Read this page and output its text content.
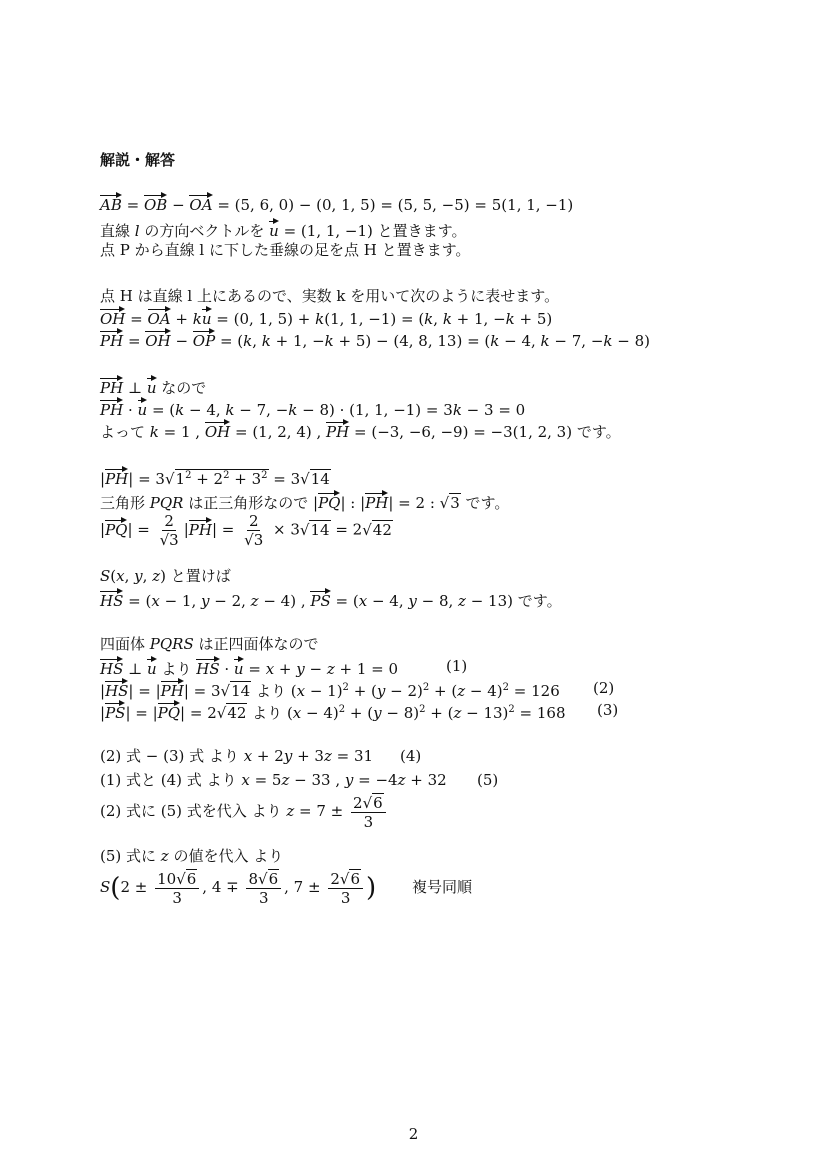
解説・解答
AB = OB − OA = (5, 6, 0) − (0, 1, 5) = (5, 5, −5) = 5(1, 1, −1)
直線 l の方向ベクトルを u = (1, 1, −1) と置きます。
点 P から直線 l に下した垂線の足を点 H と置きます。
点 H は直線 l 上にあるので、実数 k を用いて次のように表せます。
OH = OA + ku = (0, 1, 5) + k(1, 1, −1) = (k, k + 1, −k + 5)
PH = OH − OP = (k, k + 1, −k + 5) − (4, 8, 13) = (k − 4, k − 7, −k − 8)
PH ⊥ u なので
PH · u = (k − 4, k − 7, −k − 8) · (1, 1, −1) = 3k − 3 = 0
よって k = 1 , OH = (1, 2, 4) , PH = (−3, −6, −9) = −3(1, 2, 3) です。
$|PH| = 3√1^2 + 2^2 + 3^2 = 3√14$
三角形 PQR は正三角形なので |PQ| : |PH| = 2 : √3 です。
$|PQ| = \frac{2}{√3} |PH| = \frac{2}{√3} \times 3√14 = 2√42$
S(x, y, z) と置けば
HS = (x − 1, y − 2, z − 4) , PS = (x − 4, y − 8, z − 13) です。
四面体 PQRS は正四面体なので
HS ⊥ u より HS · u = x + y − z + 1 = 0	(1)
|HS| = |PH| = 3√14 より $(x - 1)^2 + (y - 2)^2 + (z - 4)^2 = 126$ (2)
|PS| = |PQ| = 2√42 より $(x - 4)^2 + (y - 8)^2 + (z - 13)^2 = 168$ (3)
(2) 式 − (3) 式 より x + 2y + 3z = 31 (4)
(1) 式と (4) 式 より x = 5z − 33 , y = −4z + 32 (5)
(2) 式に (5) 式を代入 より $z = 7 \pm \frac{2√6}{3}$
(5) 式に z の値を代入 より
$S(2 \pm \frac{10√6}{3}$ , $4 \mp \frac{8√6}{3}$ , $7 \pm \frac{2√6}{3}$ ) 複号同順
2
